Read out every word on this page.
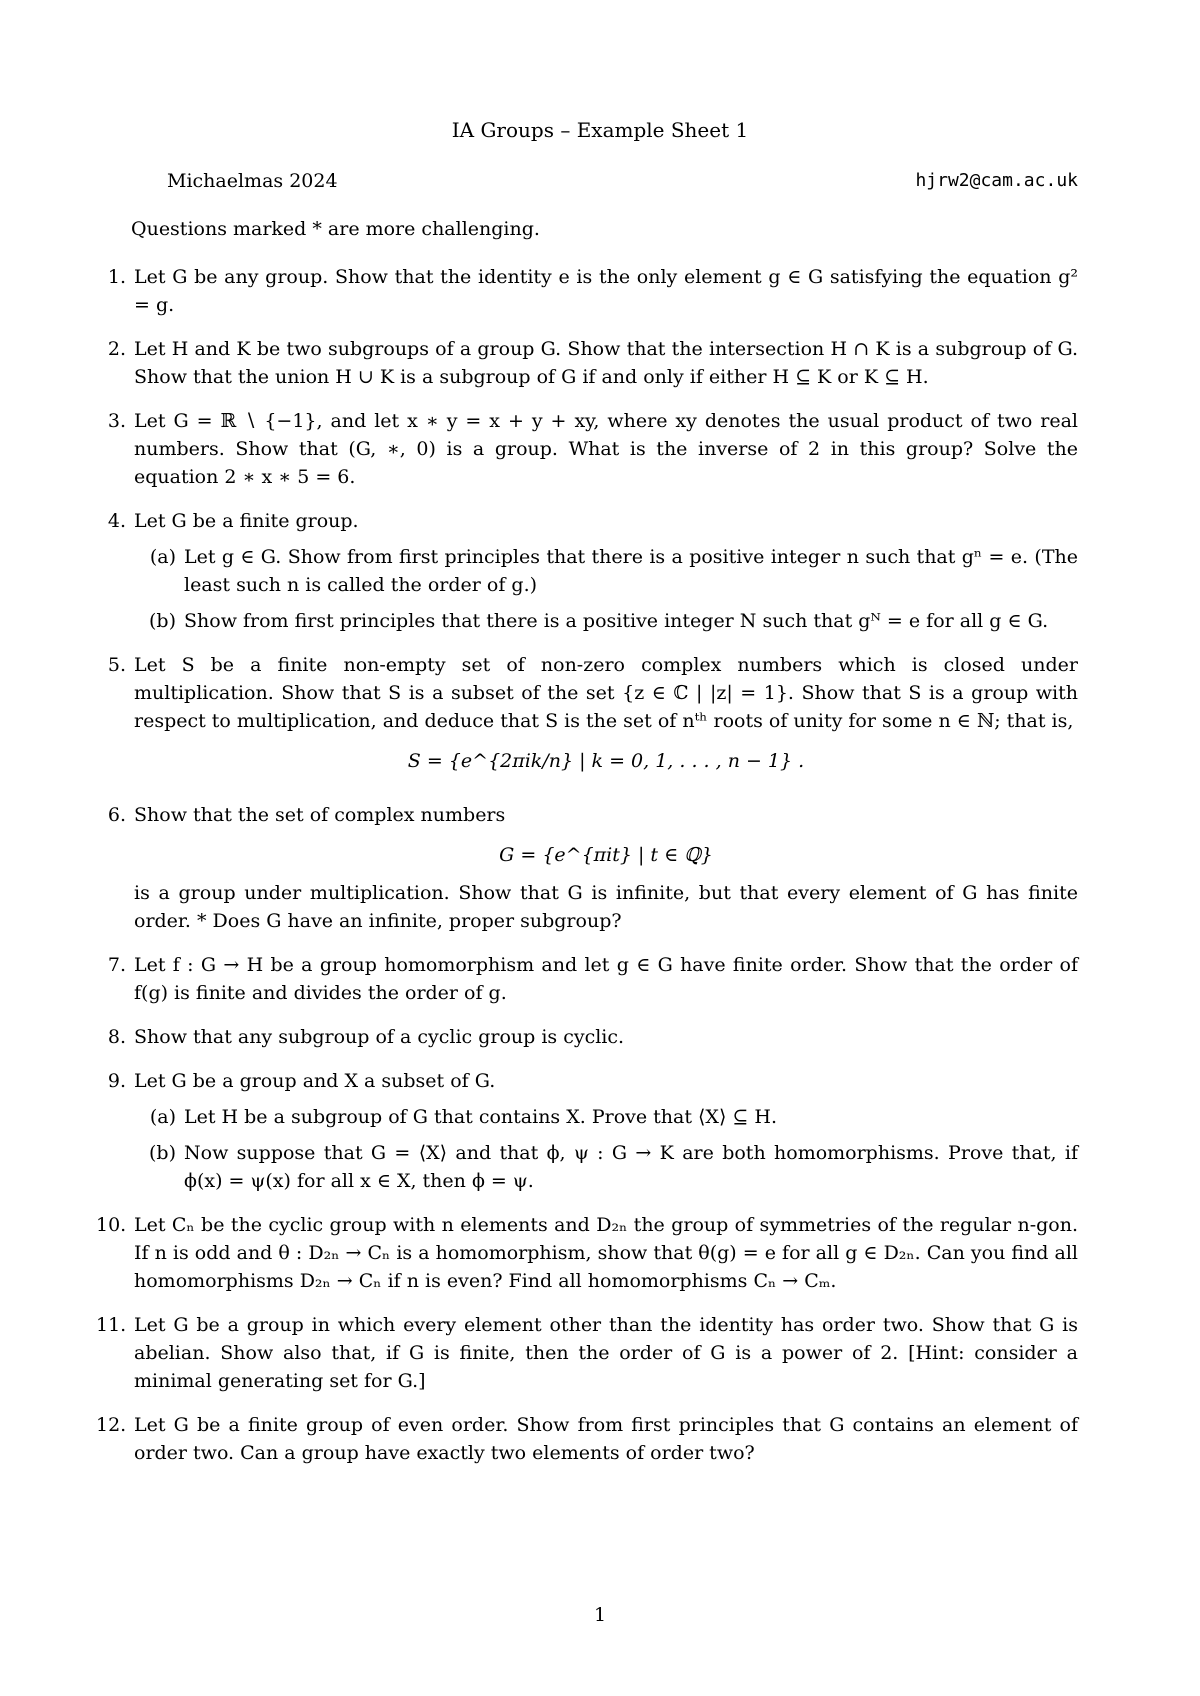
IA Groups – Example Sheet 1
Michaelmas 2024	hjrw2@cam.ac.uk
Questions marked * are more challenging.
1. Let G be any group. Show that the identity e is the only element g ∈ G satisfying the equation g² = g.
2. Let H and K be two subgroups of a group G. Show that the intersection H ∩ K is a subgroup of G. Show that the union H ∪ K is a subgroup of G if and only if either H ⊆ K or K ⊆ H.
3. Let G = ℝ ∖ {−1}, and let x ∗ y = x + y + xy, where xy denotes the usual product of two real numbers. Show that (G, ∗, 0) is a group. What is the inverse of 2 in this group? Solve the equation 2 ∗ x ∗ 5 = 6.
4. Let G be a finite group.
(a) Let g ∈ G. Show from first principles that there is a positive integer n such that gⁿ = e. (The least such n is called the order of g.)
(b) Show from first principles that there is a positive integer N such that gᴺ = e for all g ∈ G.
5. Let S be a finite non-empty set of non-zero complex numbers which is closed under multiplication. Show that S is a subset of the set {z ∈ ℂ | |z| = 1}. Show that S is a group with respect to multiplication, and deduce that S is the set of nᵗʰ roots of unity for some n ∈ ℕ; that is,
S = {e^{2πik/n} | k = 0, 1, . . . , n − 1} .
6. Show that the set of complex numbers
G = {e^{πit} | t ∈ ℚ}
is a group under multiplication. Show that G is infinite, but that every element of G has finite order. * Does G have an infinite, proper subgroup?
7. Let f : G → H be a group homomorphism and let g ∈ G have finite order. Show that the order of f(g) is finite and divides the order of g.
8. Show that any subgroup of a cyclic group is cyclic.
9. Let G be a group and X a subset of G.
(a) Let H be a subgroup of G that contains X. Prove that ⟨X⟩ ⊆ H.
(b) Now suppose that G = ⟨X⟩ and that ϕ, ψ : G → K are both homomorphisms. Prove that, if ϕ(x) = ψ(x) for all x ∈ X, then ϕ = ψ.
10. Let Cₙ be the cyclic group with n elements and D₂ₙ the group of symmetries of the regular n-gon. If n is odd and θ : D₂ₙ → Cₙ is a homomorphism, show that θ(g) = e for all g ∈ D₂ₙ. Can you find all homomorphisms D₂ₙ → Cₙ if n is even? Find all homomorphisms Cₙ → Cₘ.
11. Let G be a group in which every element other than the identity has order two. Show that G is abelian. Show also that, if G is finite, then the order of G is a power of 2. [Hint: consider a minimal generating set for G.]
12. Let G be a finite group of even order. Show from first principles that G contains an element of order two. Can a group have exactly two elements of order two?
1
